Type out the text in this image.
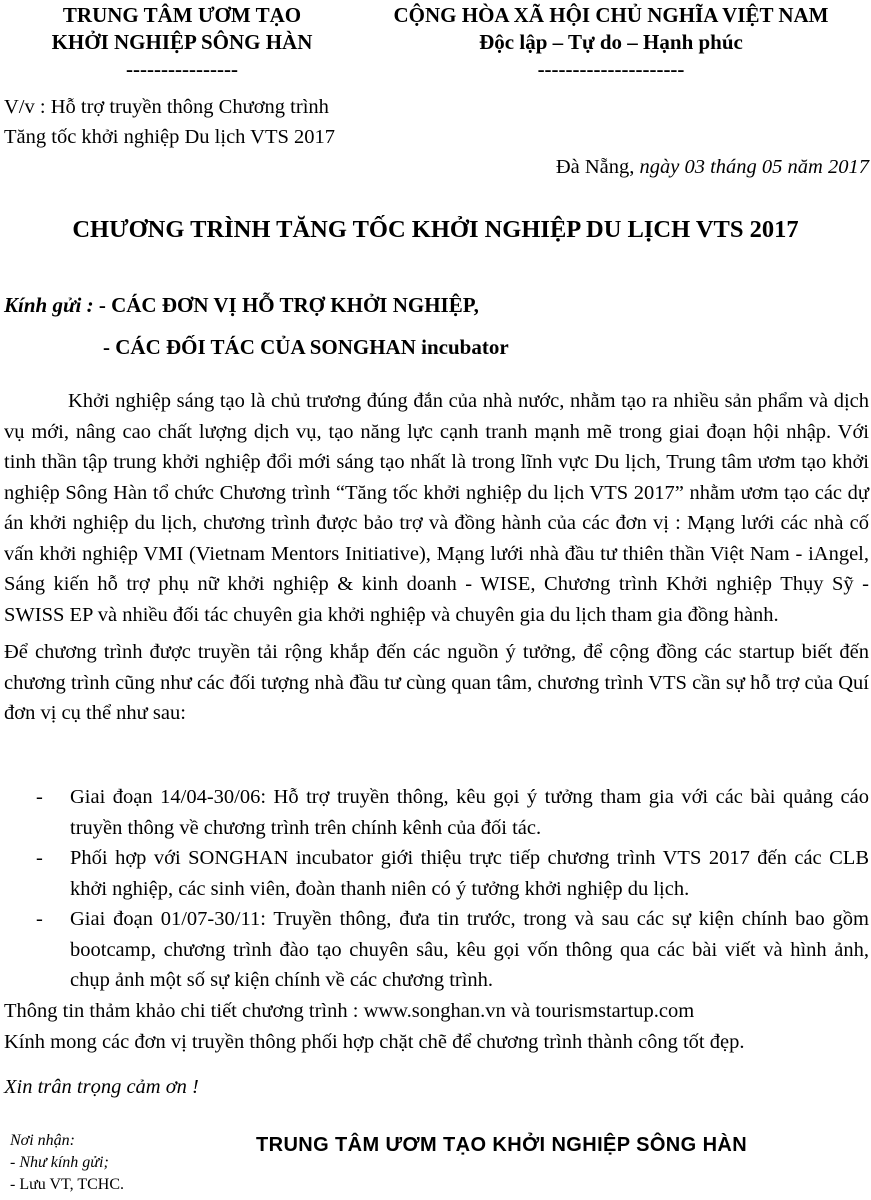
TRUNG TÂM ƯƠM TẠO
KHỞI NGHIỆP SÔNG HÀN
----------------
CỘNG HÒA XÃ HỘI CHỦ NGHĨA VIỆT NAM
Độc lập – Tự do – Hạnh phúc
---------------------
V/v : Hỗ trợ truyền thông Chương trình
Tăng tốc khởi nghiệp Du lịch VTS 2017
Đà Nẵng, ngày 03 tháng 05 năm 2017
CHƯƠNG TRÌNH TĂNG TỐC KHỞI NGHIỆP DU LỊCH VTS 2017
Kính gửi : - CÁC ĐƠN VỊ HỖ TRỢ KHỞI NGHIỆP,
- CÁC ĐỐI TÁC CỦA SONGHAN incubator

Khởi nghiệp sáng tạo là chủ trương đúng đắn của nhà nước, nhằm tạo ra nhiều sản phẩm và dịch vụ mới, nâng cao chất lượng dịch vụ, tạo năng lực cạnh tranh mạnh mẽ trong giai đoạn hội nhập. Với tinh thần tập trung khởi nghiệp đổi mới sáng tạo nhất là trong lĩnh vực Du lịch, Trung tâm ươm tạo khởi nghiệp Sông Hàn tổ chức Chương trình “Tăng tốc khởi nghiệp du lịch VTS 2017” nhằm ươm tạo các dự án khởi nghiệp du lịch, chương trình được bảo trợ và đồng hành của các đơn vị : Mạng lưới các nhà cố vấn khởi nghiệp VMI (Vietnam Mentors Initiative), Mạng lưới nhà đầu tư thiên thần Việt Nam - iAngel, Sáng kiến hỗ trợ phụ nữ khởi nghiệp & kinh doanh - WISE, Chương trình Khởi nghiệp Thụy Sỹ - SWISS EP và nhiều đối tác chuyên gia khởi nghiệp và chuyên gia du lịch tham gia đồng hành.

Để chương trình được truyền tải rộng khắp đến các nguồn ý tưởng, để cộng đồng các startup biết đến chương trình cũng như các đối tượng nhà đầu tư cùng quan tâm, chương trình VTS cần sự hỗ trợ của Quí đơn vị cụ thể như sau:

- Giai đoạn 14/04-30/06: Hỗ trợ truyền thông, kêu gọi ý tưởng tham gia với các bài quảng cáo truyền thông về chương trình trên chính kênh của đối tác.
- Phối hợp với SONGHAN incubator giới thiệu trực tiếp chương trình VTS 2017 đến các CLB khởi nghiệp, các sinh viên, đoàn thanh niên có ý tưởng khởi nghiệp du lịch.
- Giai đoạn 01/07-30/11: Truyền thông, đưa tin trước, trong và sau các sự kiện chính bao gồm bootcamp, chương trình đào tạo chuyên sâu, kêu gọi vốn thông qua các bài viết và hình ảnh, chụp ảnh một số sự kiện chính về các chương trình.
Thông tin thảm khảo chi tiết chương trình : www.songhan.vn và tourismstartup.com
Kính mong các đơn vị truyền thông phối hợp chặt chẽ để chương trình thành công tốt đẹp.
Xin trân trọng cảm ơn !
Nơi nhận:
- Như kính gửi;
- Lưu VT, TCHC.
TRUNG TÂM ƯƠM TẠO KHỞI NGHIỆP SÔNG HÀN
